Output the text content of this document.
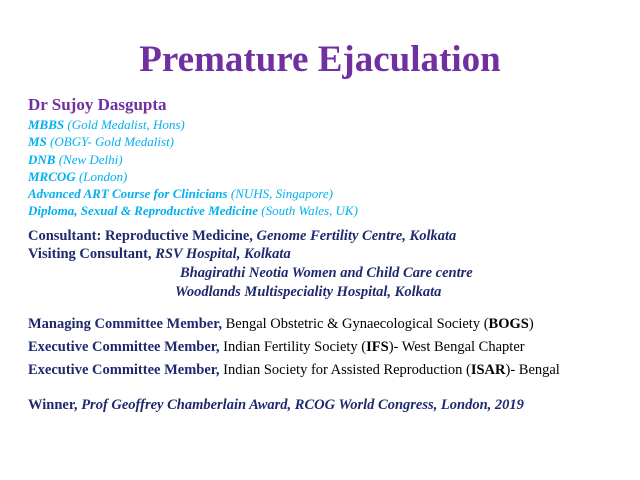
Premature Ejaculation
Dr Sujoy Dasgupta
MBBS (Gold Medalist, Hons)
MS (OBGY- Gold Medalist)
DNB (New Delhi)
MRCOG (London)
Advanced ART Course for Clinicians (NUHS, Singapore)
Diploma, Sexual & Reproductive Medicine (South Wales, UK)
Consultant: Reproductive Medicine, Genome Fertility Centre, Kolkata
Visiting Consultant, RSV Hospital, Kolkata
Bhagirathi Neotia Women and Child Care centre
Woodlands Multispeciality Hospital, Kolkata
Managing Committee Member, Bengal Obstetric & Gynaecological Society (BOGS)
Executive Committee Member, Indian Fertility Society (IFS)- West Bengal Chapter
Executive Committee Member, Indian Society for Assisted Reproduction (ISAR)- Bengal
Winner, Prof Geoffrey Chamberlain Award, RCOG World Congress, London, 2019
